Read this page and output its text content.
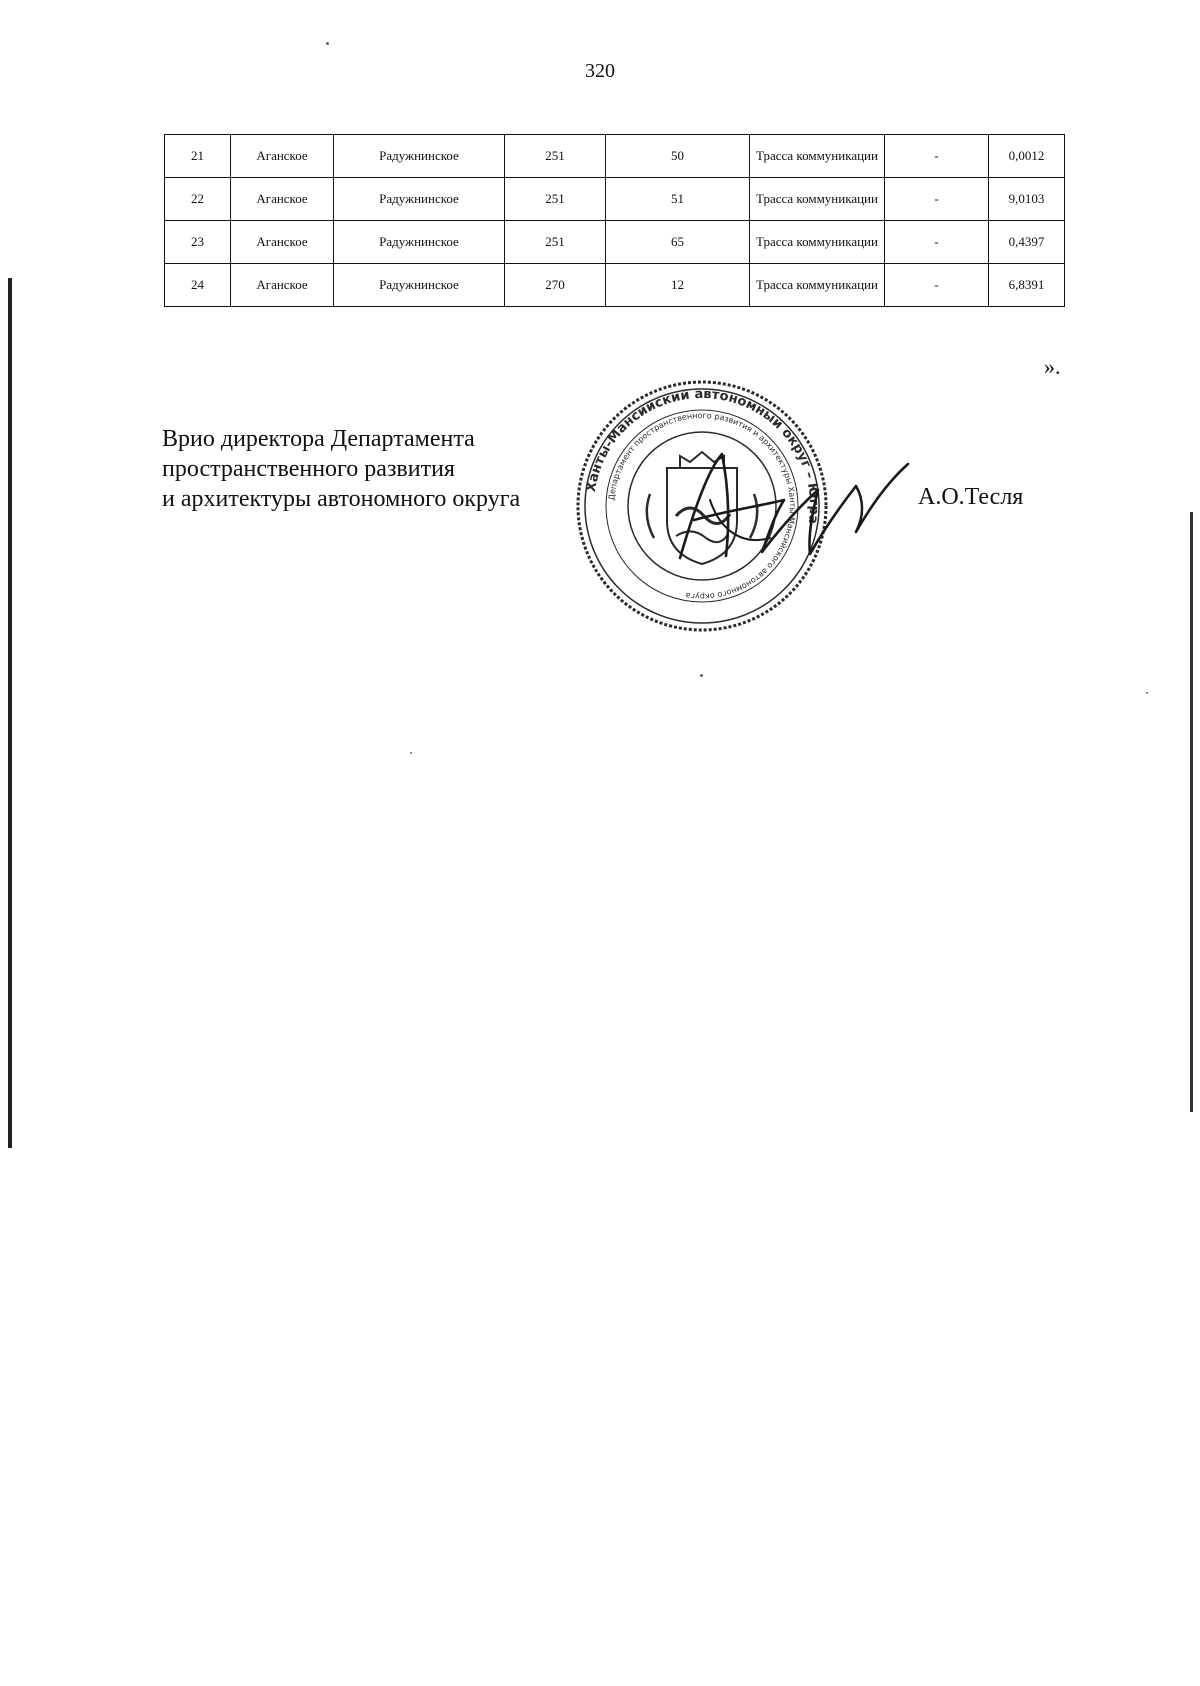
320
21	Аганское	Радужнинское	251	50	Трасса коммуникации	-	0,0012
22	Аганское	Радужнинское	251	51	Трасса коммуникации	-	9,0103
23	Аганское	Радужнинское	251	65	Трасса коммуникации	-	0,4397
24	Аганское	Радужнинское	270	12	Трасса коммуникации	-	6,8391
».
Ханты-Мансийский автономный округ – Югра
Департамент пространственного развития и архитектуры Ханты-Мансийского автономного округа
Врио директора Департамента
пространственного развития
и архитектуры автономного округа	А.О.Тесля
